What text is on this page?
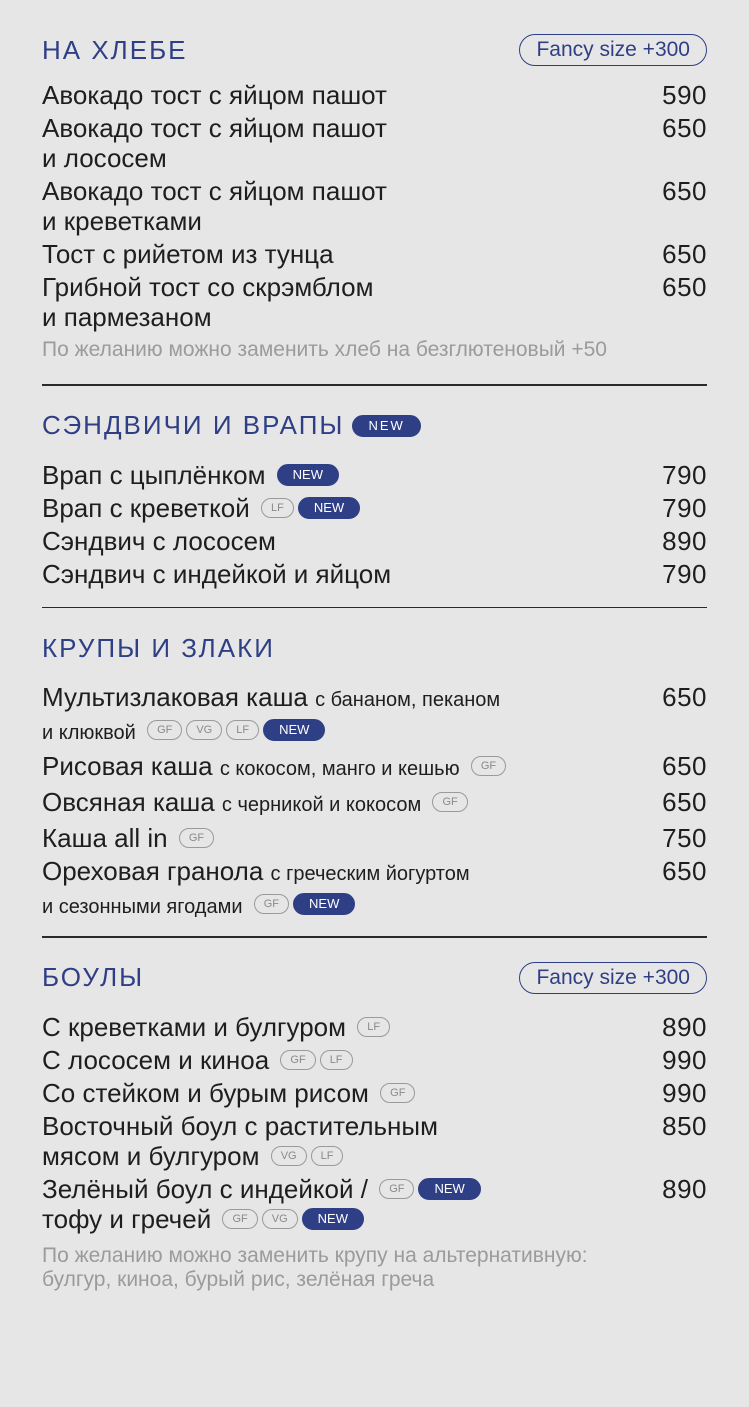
НА ХЛЕБЕ	Fancy size +300
Авокадо тост с яйцом пашот	590
Авокадо тост с яйцом пашот
и лососем
650
Авокадо тост с яйцом пашот
и креветками
650
Тост с рийетом из тунца	650
Грибной тост со скрэмблом
и пармезаном
650
По желанию можно заменить хлеб на безглютеновый +50
СЭНДВИЧИ И ВРАПЫ	NEW
Врап с цыплёнком NEW	790
Врап с креветкой LF NEW	790
Сэндвич с лососем	890
Сэндвич с индейкой и яйцом	790
КРУПЫ И ЗЛАКИ
Мультизлаковая каша с бананом, пеканом
и клюквой GF VG LF NEW
650
Рисовая каша с кокосом, манго и кешью GF	650
Овсяная каша с черникой и кокосом GF	650
Каша all in GF	750
Ореховая гранола с греческим йогуртом
и сезонными ягодами GF NEW
650
БОУЛЫ	Fancy size +300
С креветками и булгуром LF	890
С лососем и киноа GF LF	990
Со стейком и бурым рисом GF	990
Восточный боул с растительным
мясом и булгуром VG LF
850
Зелёный боул с индейкой / GF NEW
тофу и гречей GF VG NEW
890
По желанию можно заменить крупу на альтернативную:
булгур, киноа, бурый рис, зелёная греча
